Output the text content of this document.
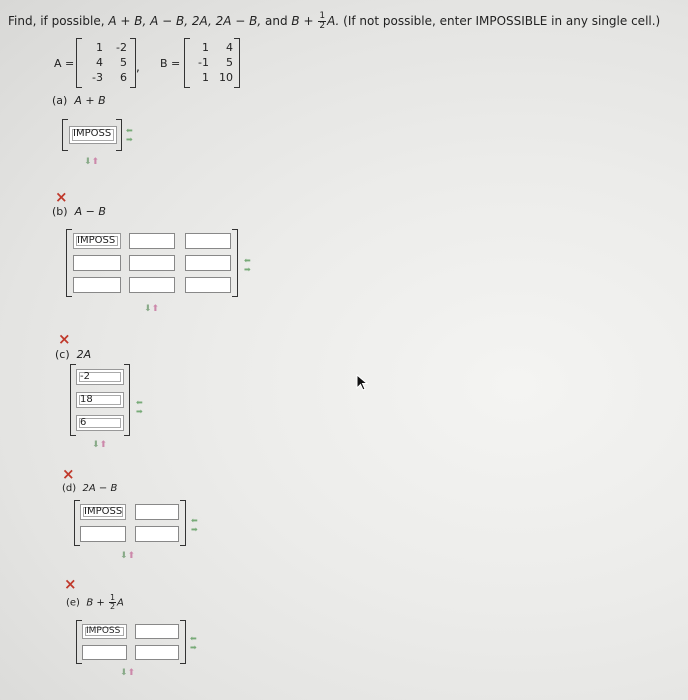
Find, if possible, A + B, A − B, 2A, 2A − B, and $B + \frac{1}{2} A$. (If not possible, enter IMPOSSIBLE in any single cell.)
A =
1	-2
4	5
-3	6
, B =
1	4
-1	5
1 10
(a) A + B
IMPOSS ⬅
➡
⬇⬆
×
(b) A − B
IMPOSS
⬅
➡
⬇⬆
×
(c) 2A
-2
18
6
⬅
➡
⬇⬆
×
(d) 2A − B
IMPOSS
⬅
➡
⬇⬆
×
(e) $B + \frac{1}{2}$ A
IMPOSS
⬅
➡
⬇⬆
